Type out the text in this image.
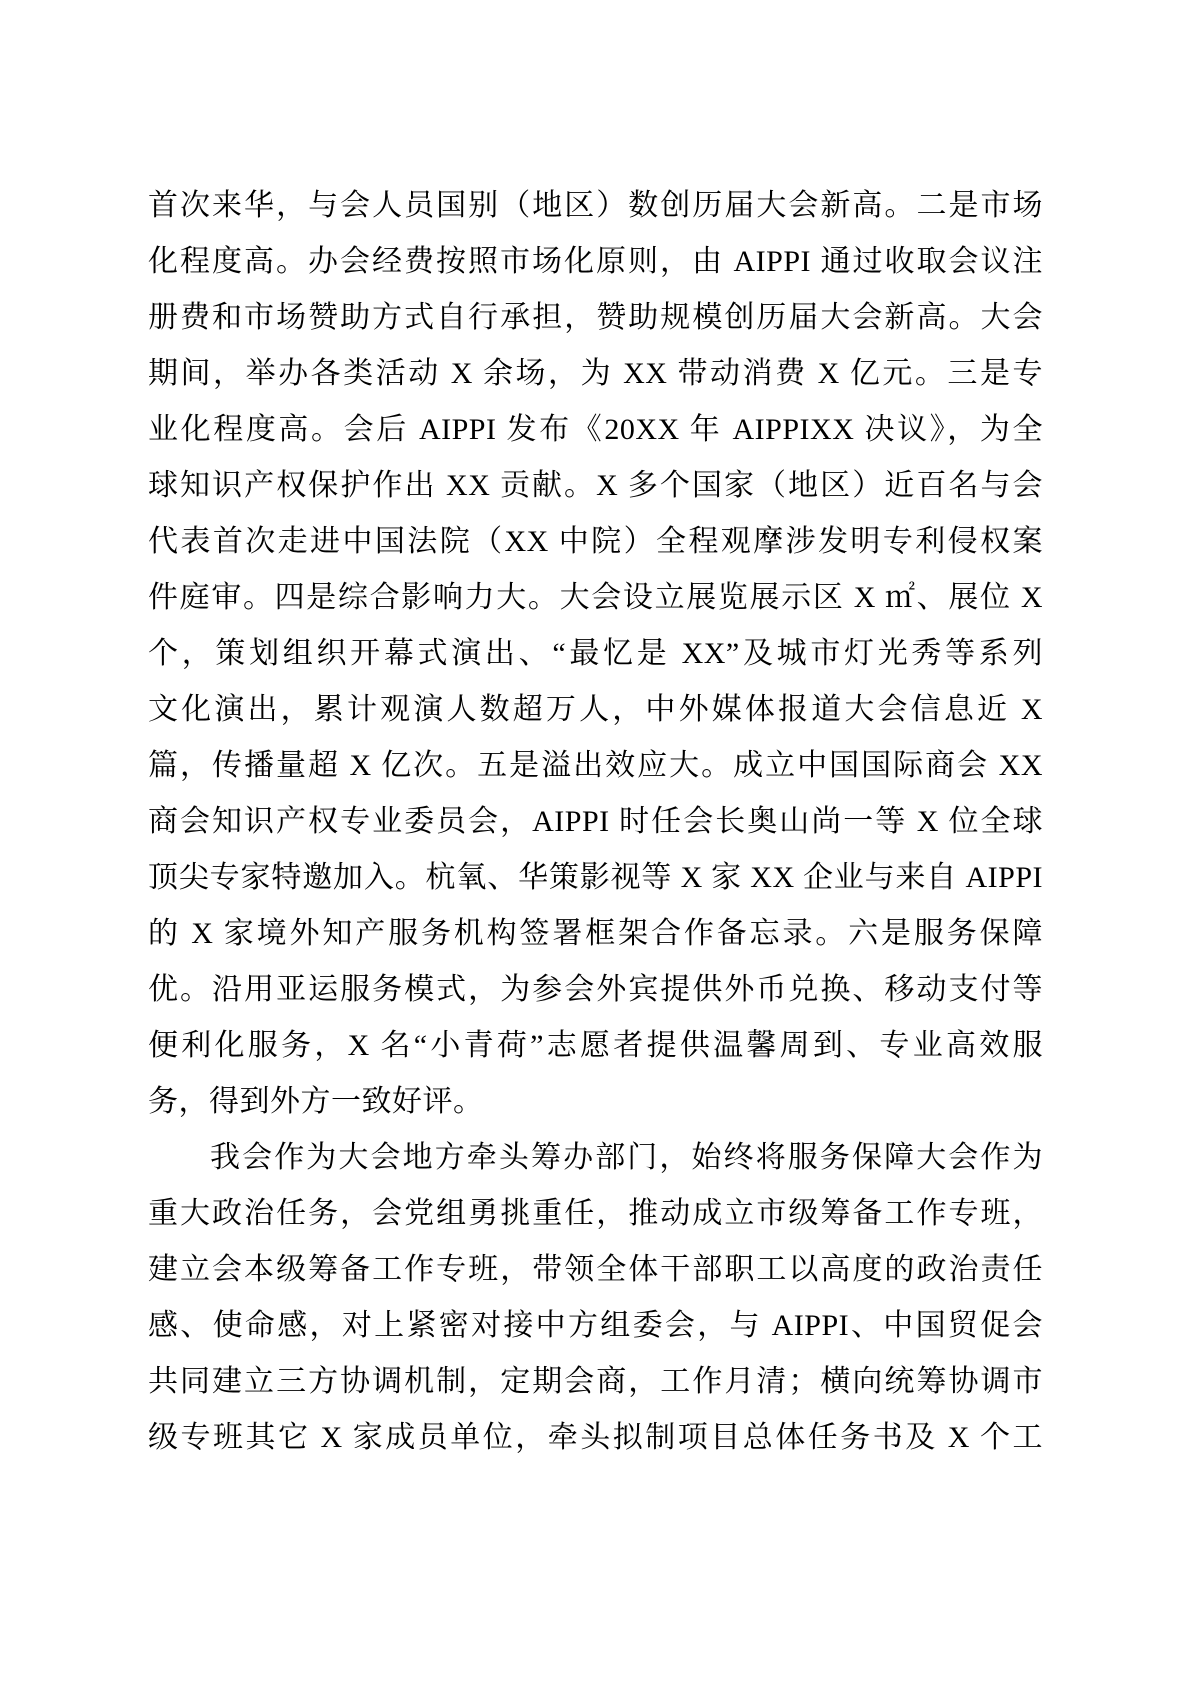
首次来华，与会人员国别（地区）数创历届大会新高。二是市场
化程度高。办会经费按照市场化原则，由 AIPPI 通过收取会议注
册费和市场赞助方式自行承担，赞助规模创历届大会新高。大会
期间，举办各类活动 X 余场，为 XX 带动消费 X 亿元。三是专
业化程度高。会后 AIPPI 发布《20XX 年 AIPPIXX 决议》，为全
球知识产权保护作出 XX 贡献。X 多个国家（地区）近百名与会
代表首次走进中国法院（XX 中院）全程观摩涉发明专利侵权案
件庭审。四是综合影响力大。大会设立展览展示区 X ㎡、展位 X
个，策划组织开幕式演出、“最忆是 XX”及城市灯光秀等系列
文化演出，累计观演人数超万人，中外媒体报道大会信息近 X
篇，传播量超 X 亿次。五是溢出效应大。成立中国国际商会 XX
商会知识产权专业委员会，AIPPI 时任会长奥山尚一等 X 位全球
顶尖专家特邀加入。杭氧、华策影视等 X 家 XX 企业与来自 AIPPI
的 X 家境外知产服务机构签署框架合作备忘录。六是服务保障
优。沿用亚运服务模式，为参会外宾提供外币兑换、移动支付等
便利化服务，X 名“小青荷”志愿者提供温馨周到、专业高效服
务，得到外方一致好评。
我会作为大会地方牵头筹办部门，始终将服务保障大会作为
重大政治任务，会党组勇挑重任，推动成立市级筹备工作专班，
建立会本级筹备工作专班，带领全体干部职工以高度的政治责任
感、使命感，对上紧密对接中方组委会，与 AIPPI、中国贸促会
共同建立三方协调机制，定期会商，工作月清；横向统筹协调市
级专班其它 X 家成员单位，牵头拟制项目总体任务书及 X 个工
